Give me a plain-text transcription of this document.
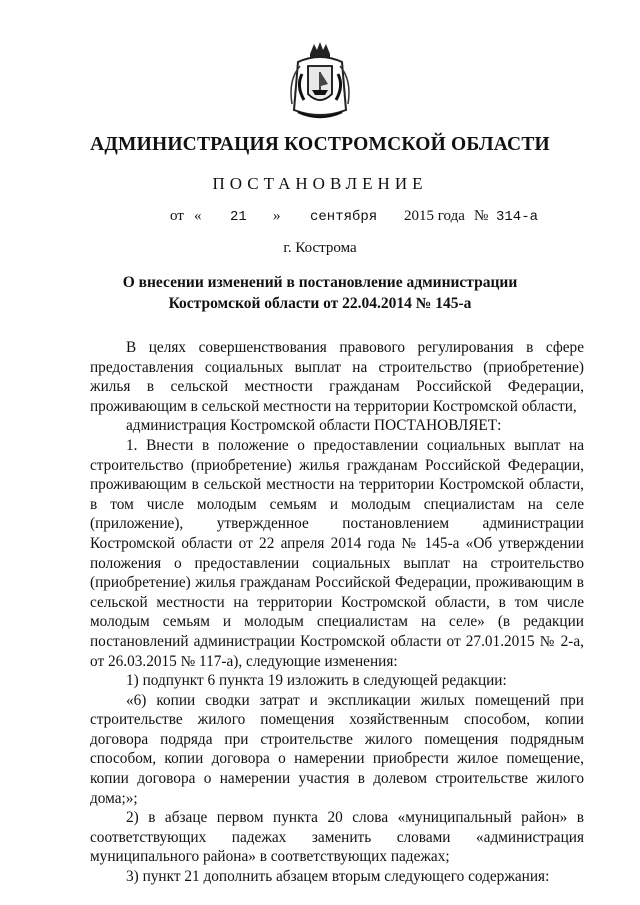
АДМИНИСТРАЦИЯ КОСТРОМСКОЙ ОБЛАСТИ
ПОСТАНОВЛЕНИЕ
от « 21 » сентября 2015 года № 314-а
г. Кострома
О внесении изменений в постановление администрации
Костромской области от 22.04.2014 № 145-а

В целях совершенствования правового регулирования в сфере

предоставления социальных выплат на строительство (приобретение)

жилья в сельской местности гражданам Российской Федерации,

проживающим в сельской местности на территории Костромской области,

администрация Костромской области ПОСТАНОВЛЯЕТ:

1. Внести в положение о предоставлении социальных выплат на

строительство (приобретение) жилья гражданам Российской Федерации,

проживающим в сельской местности на территории Костромской области,

в том числе молодым семьям и молодым специалистам на селе

(приложение), утвержденное постановлением администрации

Костромской области от 22 апреля 2014 года № 145-а «Об утверждении

положения о предоставлении социальных выплат на строительство

(приобретение) жилья гражданам Российской Федерации, проживающим в

сельской местности на территории Костромской области, в том числе

молодым семьям и молодым специалистам на селе» (в редакции

постановлений администрации Костромской области от 27.01.2015 № 2-а,

от 26.03.2015 № 117-а), следующие изменения:

1) подпункт 6 пункта 19 изложить в следующей редакции:

«6) копии сводки затрат и экспликации жилых помещений при

строительстве жилого помещения хозяйственным способом, копии

договора подряда при строительстве жилого помещения подрядным

способом, копии договора о намерении приобрести жилое помещение,

копии договора о намерении участия в долевом строительстве жилого

дома;»;

2) в абзаце первом пункта 20 слова «муниципальный район» в

соответствующих падежах заменить словами «администрация

муниципального района» в соответствующих падежах;

3) пункт 21 дополнить абзацем вторым следующего содержания:
